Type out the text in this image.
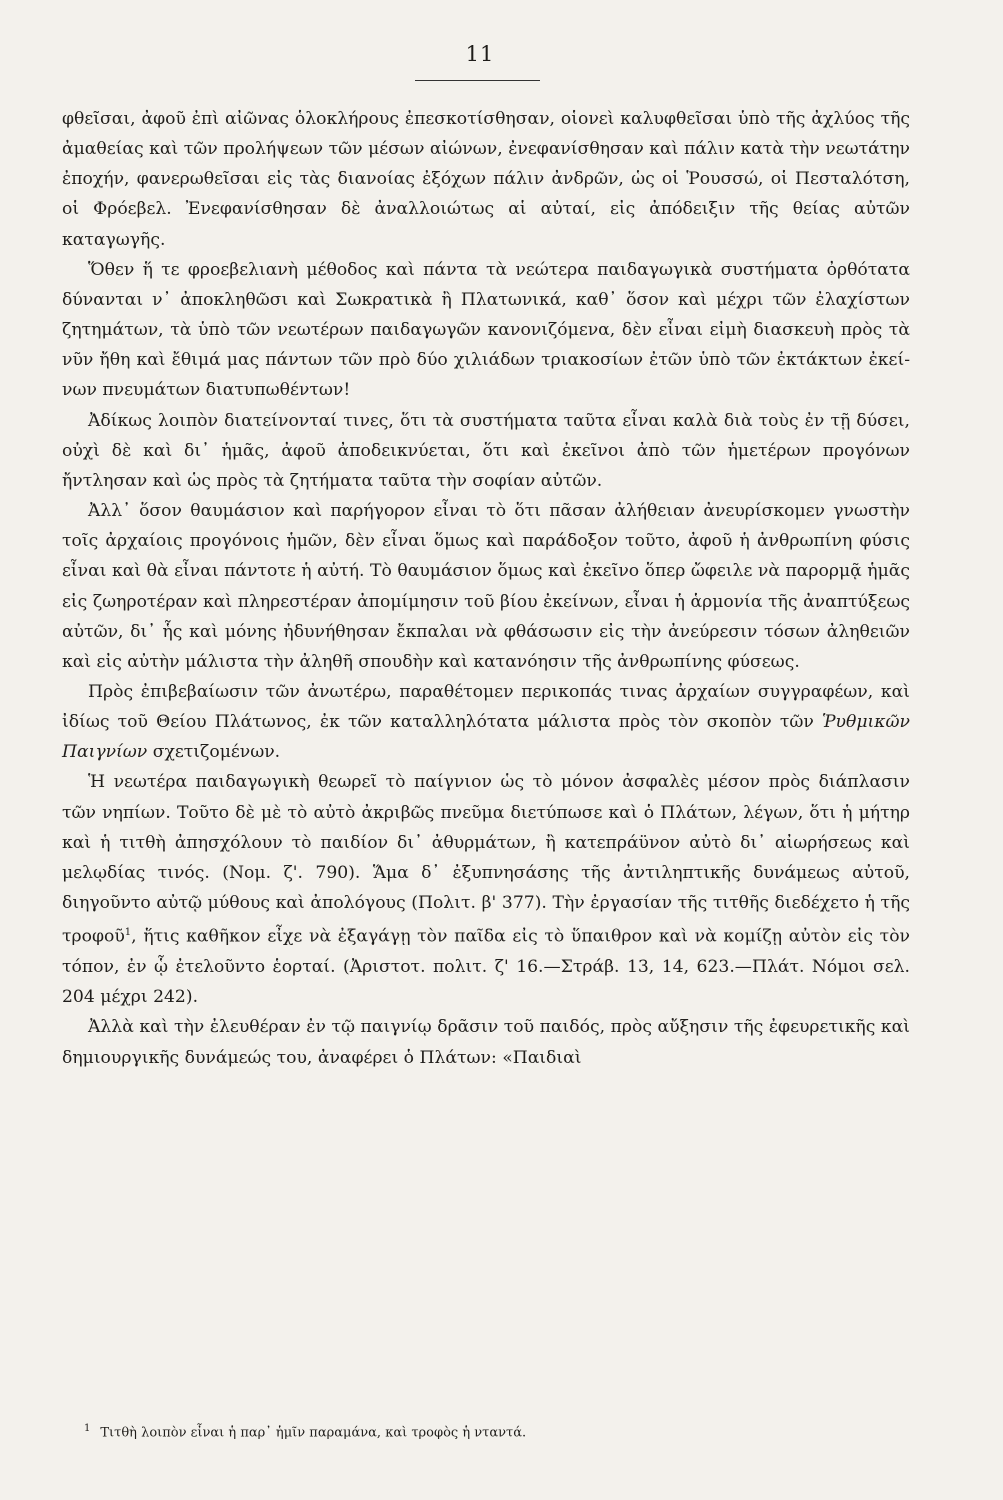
11

φθεῖσαι, ἀφοῦ ἐπὶ αἰῶνας ὁλοκλήρους ἐπεσκοτίσθησαν, οἱονεὶ καλυφθεῖσαι ὑπὸ τῆς ἀχλύος τῆς ἀμαθείας καὶ τῶν προλήψεων τῶν μέσων αἰώνων, ἐνεφανίσθησαν καὶ πάλιν κατὰ τὴν νεωτάτην ἐποχήν, φανερωθεῖσαι εἰς τὰς διανοίας ἐξόχων πάλιν ἀνδρῶν, ὡς οἱ Ῥουσσώ, οἱ Πεσταλότση, οἱ Φρόεβελ. Ἐνεφανίσθησαν δὲ ἀναλλοιώτως αἱ αὐταί, εἰς ἀπόδειξιν τῆς θείας αὐτῶν καταγωγῆς.

Ὅθεν ἥ τε φροεβελιανὴ μέθοδος καὶ πάντα τὰ νεώτερα παιδαγωγικὰ συστήματα ὀρθότατα δύνανται ν᾽ ἀποκληθῶσι καὶ Σωκρατικὰ ἢ Πλατωνικά, καθ᾽ ὅσον καὶ μέχρι τῶν ἐλαχίστων ζητημάτων, τὰ ὑπὸ τῶν νεωτέρων παιδαγωγῶν κανονιζόμενα, δὲν εἶναι εἰμὴ διασκευὴ πρὸς τὰ νῦν ἤθη καὶ ἔθιμά μας πάντων τῶν πρὸ δύο χιλιάδων τριακοσίων ἐτῶν ὑπὸ τῶν ἐκτάκτων ἐκείνων πνευμάτων διατυπωθέντων!

Ἀδίκως λοιπὸν διατείνονταί τινες, ὅτι τὰ συστήματα ταῦτα εἶναι καλὰ διὰ τοὺς ἐν τῇ δύσει, οὐχὶ δὲ καὶ δι᾽ ἡμᾶς, ἀφοῦ ἀποδεικνύεται, ὅτι καὶ ἐκεῖνοι ἀπὸ τῶν ἡμετέρων προγόνων ἤντλησαν καὶ ὡς πρὸς τὰ ζητήματα ταῦτα τὴν σοφίαν αὐτῶν.

Ἀλλ᾽ ὅσον θαυμάσιον καὶ παρήγορον εἶναι τὸ ὅτι πᾶσαν ἀλήθειαν ἀνευρίσκομεν γνωστὴν τοῖς ἀρχαίοις προγόνοις ἡμῶν, δὲν εἶναι ὅμως καὶ παράδοξον τοῦτο, ἀφοῦ ἡ ἀνθρωπίνη φύσις εἶναι καὶ θὰ εἶναι πάντοτε ἡ αὐτή. Τὸ θαυμάσιον ὅμως καὶ ἐκεῖνο ὅπερ ὤφειλε νὰ παρορμᾷ ἡμᾶς εἰς ζωηροτέραν καὶ πληρεστέραν ἀπομίμησιν τοῦ βίου ἐκείνων, εἶναι ἡ ἁρμονία τῆς ἀναπτύξεως αὐτῶν, δι᾽ ἧς καὶ μόνης ἠδυνήθησαν ἔκπαλαι νὰ φθάσωσιν εἰς τὴν ἀνεύρεσιν τόσων ἀληθειῶν καὶ εἰς αὐτὴν μάλιστα τὴν ἀληθῆ σπουδὴν καὶ κατανόησιν τῆς ἀνθρωπίνης φύσεως.

Πρὸς ἐπιβεβαίωσιν τῶν ἀνωτέρω, παραθέτομεν περικοπάς τινας ἀρχαίων συγγραφέων, καὶ ἰδίως τοῦ Θείου Πλάτωνος, ἐκ τῶν καταλληλότατα μάλιστα πρὸς τὸν σκοπὸν τῶν Ῥυθμικῶν Παιγνίων σχετιζομένων.

Ἡ νεωτέρα παιδαγωγικὴ θεωρεῖ τὸ παίγνιον ὡς τὸ μόνον ἀσφαλὲς μέσον πρὸς διάπλασιν τῶν νηπίων. Τοῦτο δὲ μὲ τὸ αὐτὸ ἀκριβῶς πνεῦμα διετύπωσε καὶ ὁ Πλάτων, λέγων, ὅτι ἡ μήτηρ καὶ ἡ τιτθὴ ἀπησχόλουν τὸ παιδίον δι᾽ ἀθυρμάτων, ἢ κατεπράϋνον αὐτὸ δι᾽ αἰωρήσεως καὶ μελῳδίας τινός. (Νομ. ζ'. 790). Ἅμα δ᾽ ἐξυπνησάσης τῆς ἀντιληπτικῆς δυνάμεως αὐτοῦ, διηγοῦντο αὐτῷ μύθους καὶ ἀπολόγους (Πολιτ. β' 377). Τὴν ἐργασίαν τῆς τιτθῆς διεδέχετο ἡ τῆς τροφοῦ$^1$, ἥτις καθῆκον εἶχε νὰ ἐξαγάγῃ τὸν παῖδα εἰς τὸ ὕπαιθρον καὶ νὰ κομίζῃ αὐτὸν εἰς τὸν τόπον, ἐν ᾧ ἐτελοῦντο ἑορταί. (Ἀριστοτ. πολιτ. ζ' 16.—Στράβ. 13, 14, 623.—Πλάτ. Νόμοι σελ. 204 μέχρι 242).

Ἀλλὰ καὶ τὴν ἐλευθέραν ἐν τῷ παιγνίῳ δρᾶσιν τοῦ παιδός, πρὸς αὔξησιν τῆς ἐφευρετικῆς καὶ δημιουργικῆς δυνάμεώς του, ἀναφέρει ὁ Πλάτων: «Παιδιαὶ

$^1$ Τιτθὴ λοιπὸν εἶναι ἡ παρ᾽ ἡμῖν παραμάνα, καὶ τροφὸς ἡ νταντά.
